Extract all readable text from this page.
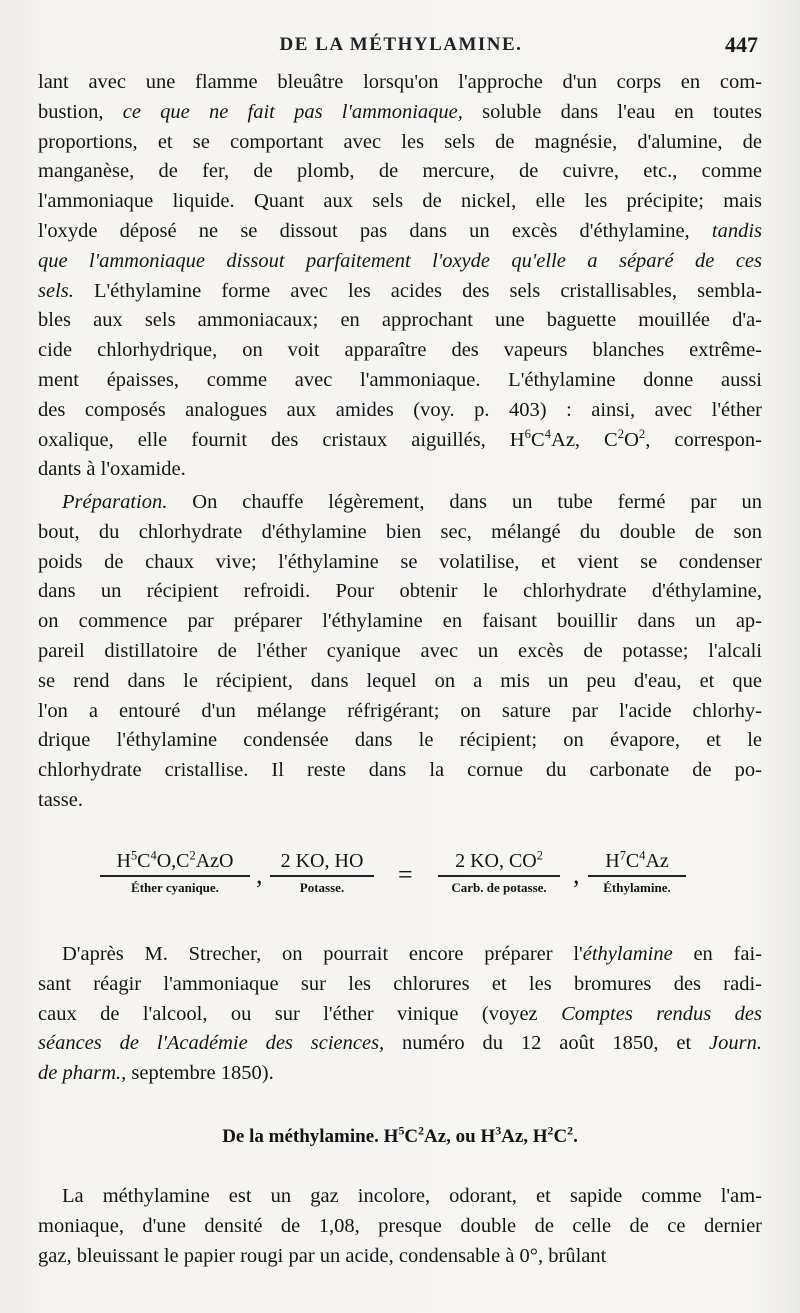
DE LA MÉTHYLAMINE.	447

lant avec une flamme bleuâtre lorsqu'on l'approche d'un corps en com-
bustion, ce que ne fait pas l'ammoniaque, soluble dans l'eau en toutes
proportions, et se comportant avec les sels de magnésie, d'alumine, de
manganèse, de fer, de plomb, de mercure, de cuivre, etc., comme
l'ammoniaque liquide. Quant aux sels de nickel, elle les précipite; mais
l'oxyde déposé ne se dissout pas dans un excès d'éthylamine, tandis
que l'ammoniaque dissout parfaitement l'oxyde qu'elle a séparé de ces
sels. L'éthylamine forme avec les acides des sels cristallisables, sembla-
bles aux sels ammoniacaux; en approchant une baguette mouillée d'a-
cide chlorhydrique, on voit apparaître des vapeurs blanches extrême-
ment épaisses, comme avec l'ammoniaque. L'éthylamine donne aussi
des composés analogues aux amides (voy. p. 403) : ainsi, avec l'éther
oxalique, elle fournit des cristaux aiguillés, $H^6C^4Az$, $C^2O^2$, correspon-
dants à l'oxamide.

Préparation. On chauffe légèrement, dans un tube fermé par un
bout, du chlorhydrate d'éthylamine bien sec, mélangé du double de son
poids de chaux vive; l'éthylamine se volatilise, et vient se condenser
dans un récipient refroidi. Pour obtenir le chlorhydrate d'éthylamine,
on commence par préparer l'éthylamine en faisant bouillir dans un ap-
pareil distillatoire de l'éther cyanique avec un excès de potasse; l'alcali
se rend dans le récipient, dans lequel on a mis un peu d'eau, et que
l'on a entouré d'un mélange réfrigérant; on sature par l'acide chlorhy-
drique l'éthylamine condensée dans le récipient; on évapore, et le
chlorhydrate cristallise. Il reste dans la cornue du carbonate de po-
tasse.

$H^5C^4O,C^2AzO$
Éther cyanique.
2 KO, HO
Potasse.
2 KO, $CO^2$
Carb. de potasse.
$H^7C^4Az$
Éthylamine.
,	=	,

D'après M. Strecher, on pourrait encore préparer l'éthylamine en fai-
sant réagir l'ammoniaque sur les chlorures et les bromures des radi-
caux de l'alcool, ou sur l'éther vinique (voyez Comptes rendus des
séances de l'Académie des sciences, numéro du 12 août 1850, et Journ.
de pharm., septembre 1850).

De la méthylamine. $H^5C^2Az$, ou $H^3Az$, $H^2C^2$.

La méthylamine est un gaz incolore, odorant, et sapide comme l'am-
moniaque, d'une densité de 1,08, presque double de celle de ce dernier
gaz, bleuissant le papier rougi par un acide, condensable à 0°, brûlant
